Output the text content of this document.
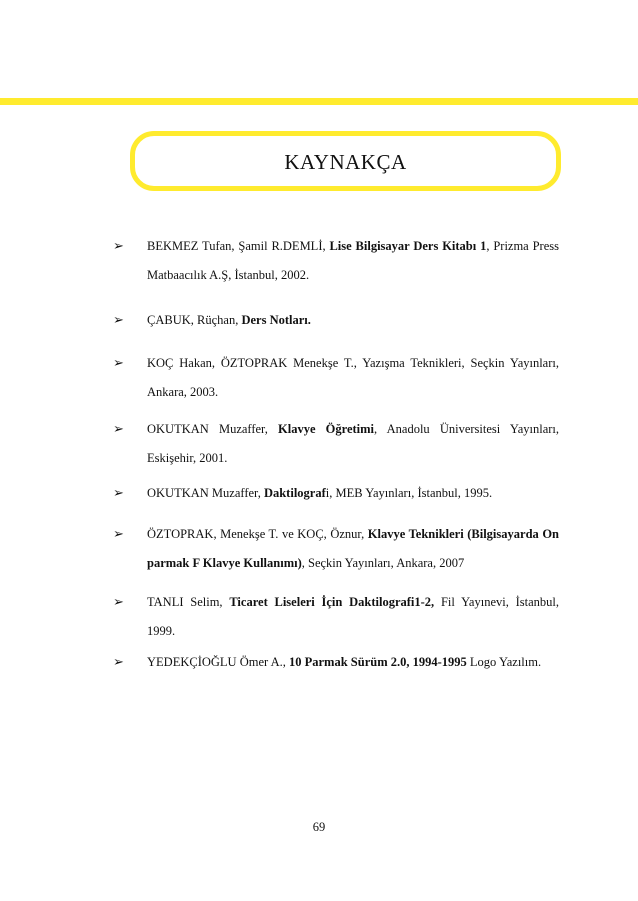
KAYNAKÇA
➢ BEKMEZ Tufan, Şamil R.DEMLİ, Lise Bilgisayar Ders Kitabı 1, Prizma Press Matbaacılık A.Ş, İstanbul, 2002.
➢ ÇABUK, Rüçhan, Ders Notları.
➢ KOÇ Hakan, ÖZTOPRAK Menekşe T., Yazışma Teknikleri, Seçkin Yayınları, Ankara, 2003.
➢ OKUTKAN Muzaffer, Klavye Öğretimi, Anadolu Üniversitesi Yayınları, Eskişehir, 2001.
➢ OKUTKAN Muzaffer, Daktilografi, MEB Yayınları, İstanbul, 1995.
➢ ÖZTOPRAK, Menekşe T. ve KOÇ, Öznur, Klavye Teknikleri (Bilgisayarda On parmak F Klavye Kullanımı), Seçkin Yayınları, Ankara, 2007
➢ TANLI Selim, Ticaret Liseleri İçin Daktilografi1-2, Fil Yayınevi, İstanbul, 1999.
➢ YEDEKÇİOĞLU Ömer A., 10 Parmak Sürüm 2.0, 1994-1995 Logo Yazılım.
69
